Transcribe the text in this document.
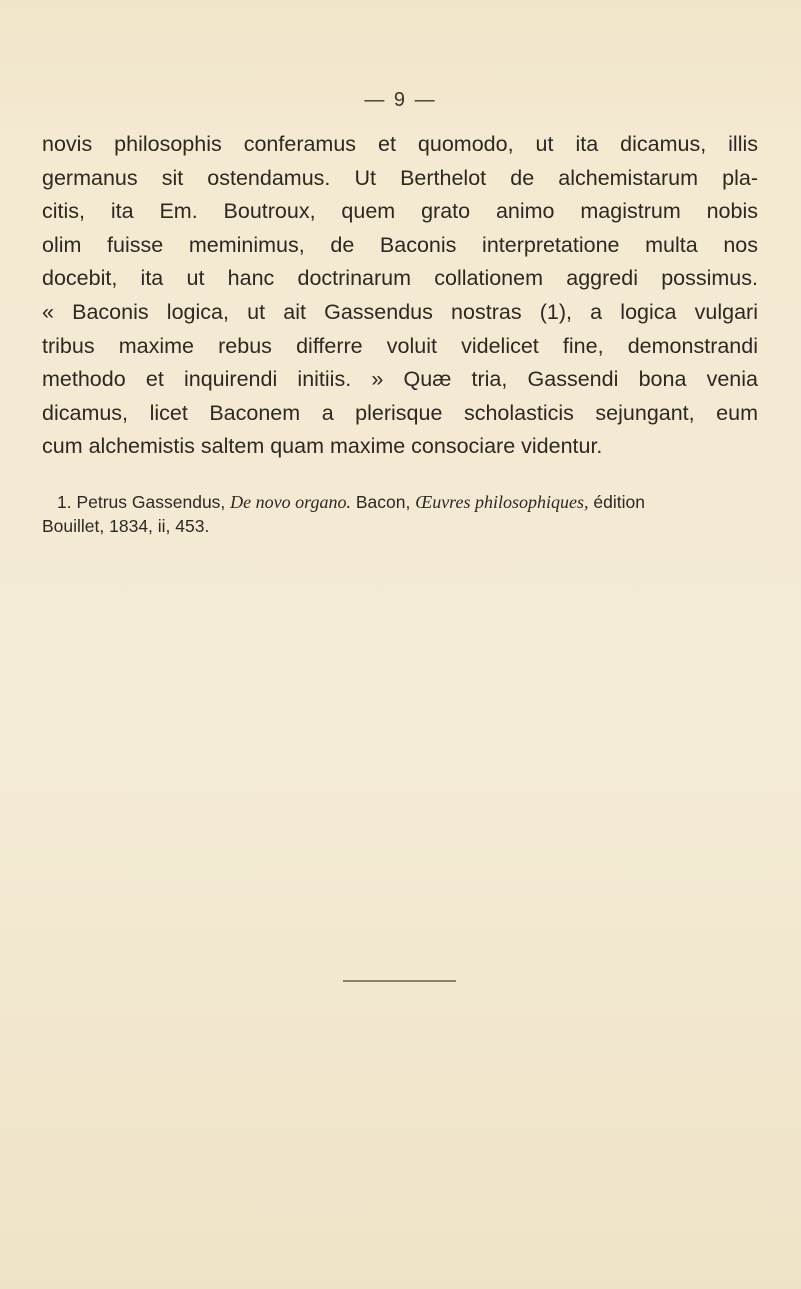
— 9 —
novis philosophis conferamus et quomodo, ut ita dicamus, illis
germanus sit ostendamus. Ut Berthelot de alchemistarum pla-
citis, ita Em. Boutroux, quem grato animo magistrum nobis
olim fuisse meminimus, de Baconis interpretatione multa nos
docebit, ita ut hanc doctrinarum collationem aggredi possimus.
« Baconis logica, ut ait Gassendus nostras (1), a logica vulgari
tribus maxime rebus differre voluit videlicet fine, demonstrandi
methodo et inquirendi initiis. » Quæ tria, Gassendi bona venia
dicamus, licet Baconem a plerisque scholasticis sejungant, eum
cum alchemistis saltem quam maxime consociare videntur.
1. Petrus Gassendus, De novo organo. Bacon, Œuvres philosophiques, édition
Bouillet, 1834, ii, 453.
